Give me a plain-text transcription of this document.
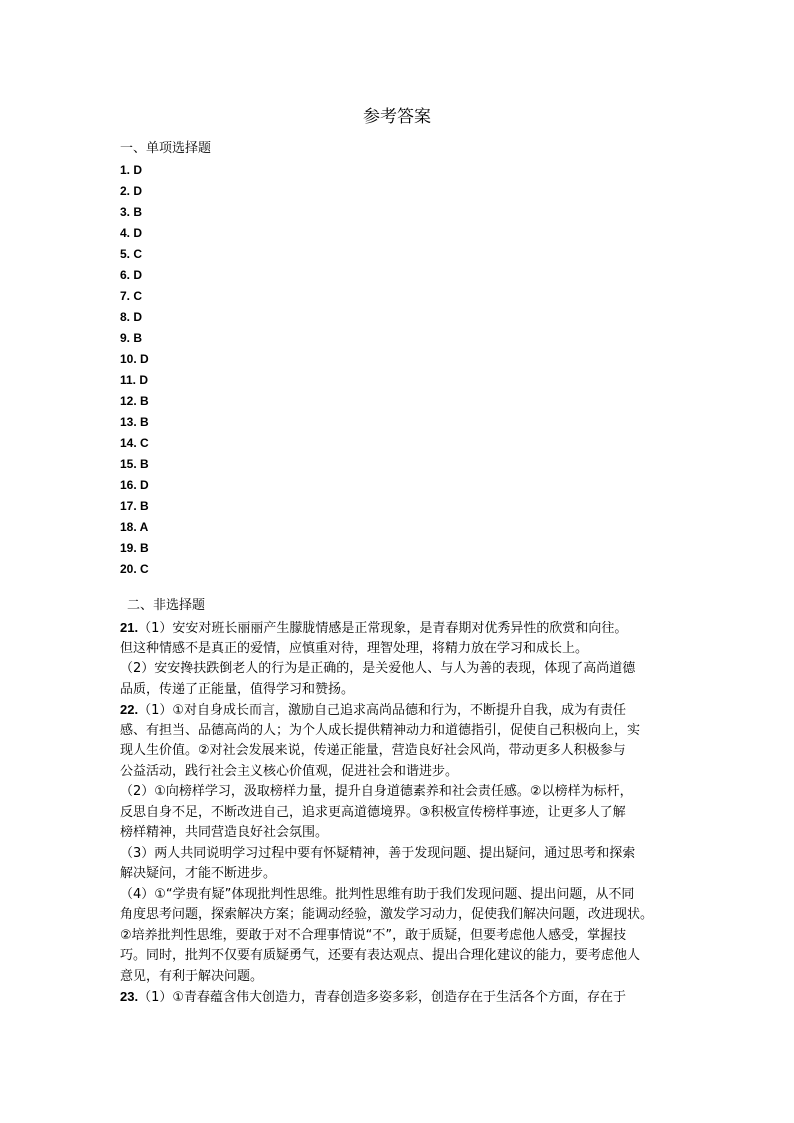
参考答案
一、单项选择题
1. D
2. D
3. B
4. D
5. C
6. D
7. C
8. D
9. B
10. D
11. D
12. B
13. B
14. C
15. B
16. D
17. B
18. A
19. B
20. C
二、非选择题
21.（1）安安对班长丽丽产生朦胧情感是正常现象，是青春期对优秀异性的欣赏和向往。
但这种情感不是真正的爱情，应慎重对待，理智处理，将精力放在学习和成长上。
（2）安安搀扶跌倒老人的行为是正确的，是关爱他人、与人为善的表现，体现了高尚道德
品质，传递了正能量，值得学习和赞扬。
22.（1）①对自身成长而言，激励自己追求高尚品德和行为，不断提升自我，成为有责任
感、有担当、品德高尚的人；为个人成长提供精神动力和道德指引，促使自己积极向上，实
现人生价值。②对社会发展来说，传递正能量，营造良好社会风尚，带动更多人积极参与
公益活动，践行社会主义核心价值观，促进社会和谐进步。
（2）①向榜样学习，汲取榜样力量，提升自身道德素养和社会责任感。②以榜样为标杆，
反思自身不足，不断改进自己，追求更高道德境界。③积极宣传榜样事迹，让更多人了解
榜样精神，共同营造良好社会氛围。
（3）两人共同说明学习过程中要有怀疑精神，善于发现问题、提出疑问，通过思考和探索
解决疑问，才能不断进步。
（4）①“学贵有疑”体现批判性思维。批判性思维有助于我们发现问题、提出问题，从不同
角度思考问题，探索解决方案；能调动经验，激发学习动力，促使我们解决问题，改进现状。
②培养批判性思维，要敢于对不合理事情说“不”，敢于质疑，但要考虑他人感受，掌握技
巧。同时，批判不仅要有质疑勇气，还要有表达观点、提出合理化建议的能力，要考虑他人
意见，有利于解决问题。
23.（1）①青春蕴含伟大创造力，青春创造多姿多彩，创造存在于生活各个方面，存在于
